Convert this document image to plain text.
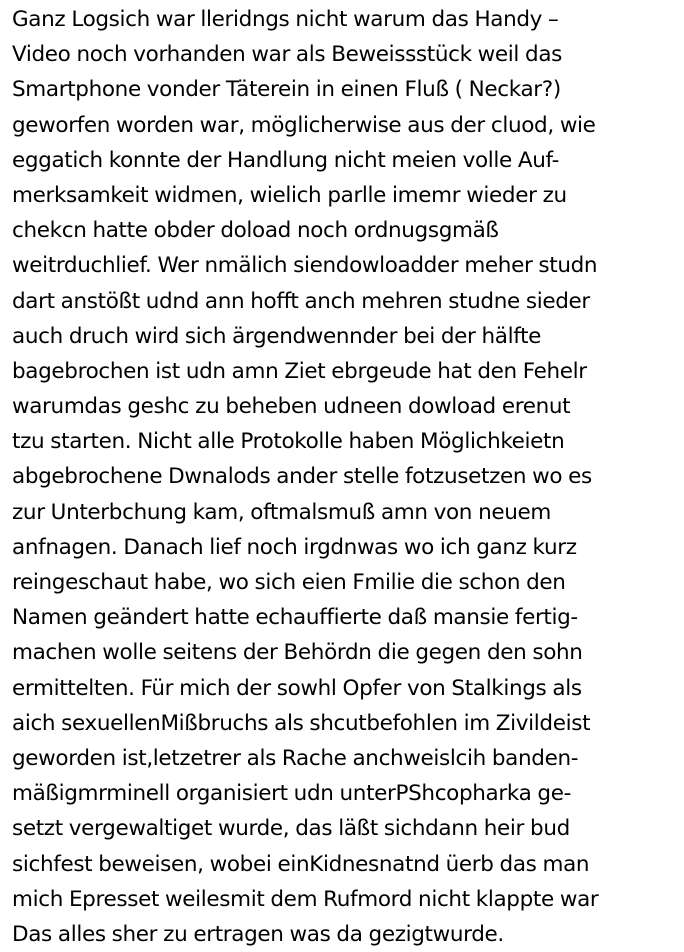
Ganz Logsich war lleridngs nicht warum das Handy –
Video noch vorhanden war als Beweissstück weil das
Smartphone vonder Täterein in einen Fluß ( Neckar?)
geworfen worden war, möglicherwise aus der cluod, wie
eggatich konnte der Handlung nicht meien volle Auf-
merksamkeit widmen, wielich parlle imemr wieder zu
chekcn hatte obder doload noch ordnugsgmäß
weitrduchlief. Wer nmälich siendowloadder meher studn
dart anstößt udnd ann hofft anch mehren studne sieder
auch druch wird sich ärgendwennder bei der hälfte
bagebrochen ist udn amn Ziet ebrgeude hat den Fehelr
warumdas geshc zu beheben udneen dowload erenut
tzu starten. Nicht alle Protokolle haben Möglichkeietn
abgebrochene Dwnalods ander stelle fotzusetzen wo es
zur Unterbchung kam, oftmalsmuß amn von neuem
anfnagen. Danach lief noch irgdnwas wo ich ganz kurz
reingeschaut habe, wo sich eien Fmilie die schon den
Namen geändert hatte echauffierte daß mansie fertig-
machen wolle seitens der Behördn die gegen den sohn
ermittelten. Für mich der sowhl Opfer von Stalkings als
aich sexuellenMißbruchs als shcutbefohlen im Zivildeist
geworden ist,letzetrer als Rache anchweislcih banden-
mäßigmrminell organisiert udn unterPShcopharka ge-
setzt vergewaltiget wurde, das läßt sichdann heir bud
sichfest beweisen, wobei einKidnesnatnd üerb das man
mich Epresset weilesmit dem Rufmord nicht klappte war
Das alles sher zu ertragen was da gezigtwurde.
